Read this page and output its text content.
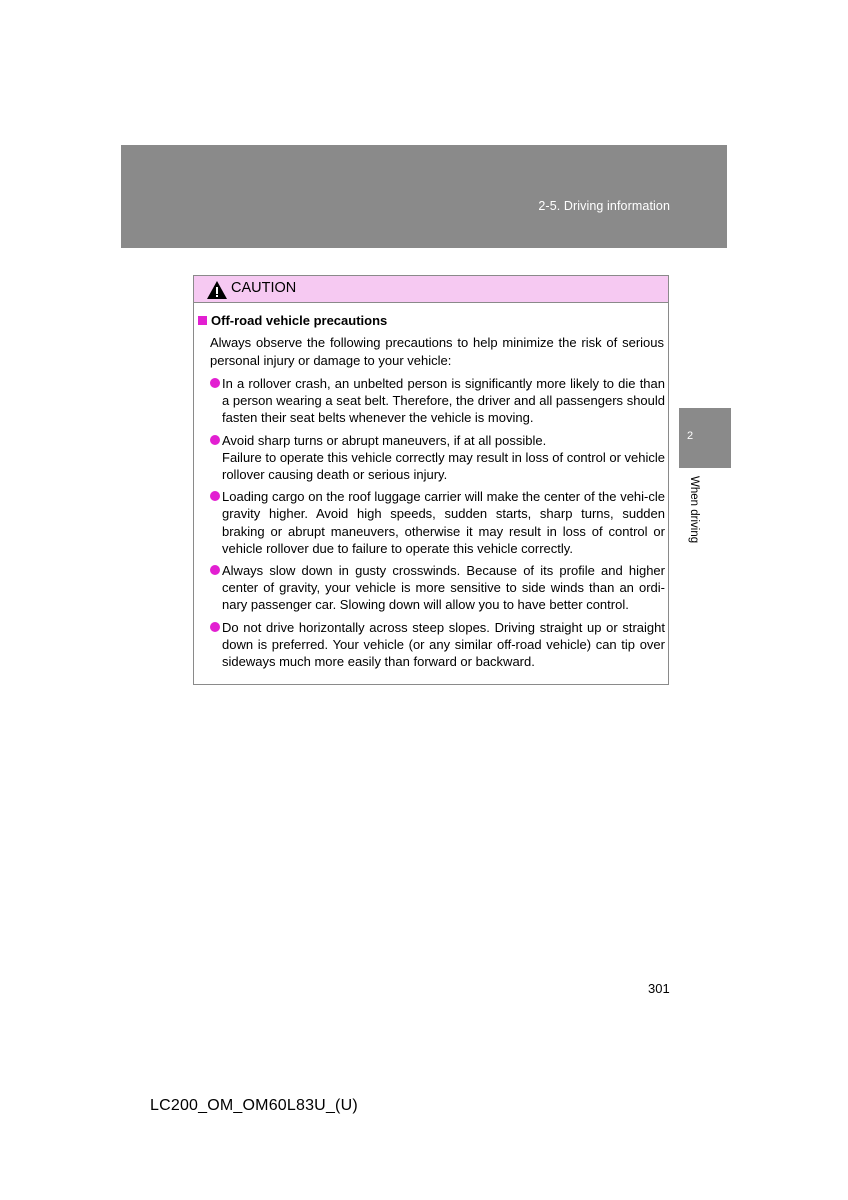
2-5. Driving information
2
When driving
CAUTION
Off-road vehicle precautions
Always observe the following precautions to help minimize the risk of serious personal injury or damage to your vehicle:
In a rollover crash, an unbelted person is significantly more likely to die than a person wearing a seat belt. Therefore, the driver and all passengers should fasten their seat belts whenever the vehicle is moving.
Avoid sharp turns or abrupt maneuvers, if at all possible.
Failure to operate this vehicle correctly may result in loss of control or vehicle rollover causing death or serious injury.
Loading cargo on the roof luggage carrier will make the center of the vehi-cle gravity higher. Avoid high speeds, sudden starts, sharp turns, sudden braking or abrupt maneuvers, otherwise it may result in loss of control or vehicle rollover due to failure to operate this vehicle correctly.
Always slow down in gusty crosswinds. Because of its profile and higher center of gravity, your vehicle is more sensitive to side winds than an ordi-nary passenger car. Slowing down will allow you to have better control.
Do not drive horizontally across steep slopes. Driving straight up or straight down is preferred. Your vehicle (or any similar off-road vehicle) can tip over sideways much more easily than forward or backward.
301
LC200_OM_OM60L83U_(U)
